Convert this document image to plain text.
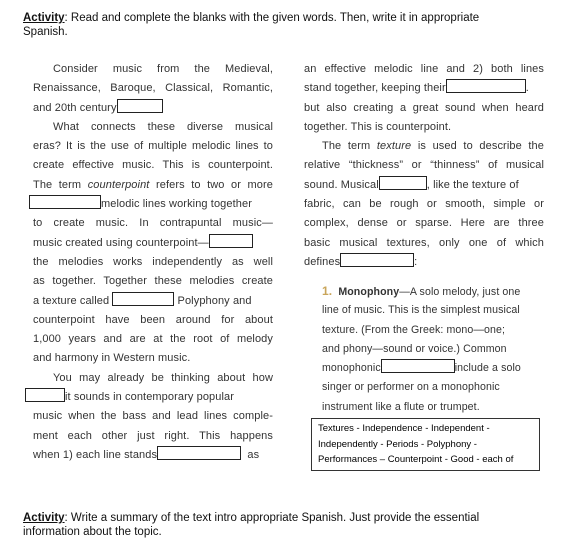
Activity: Read and complete the blanks with the given words. Then, write it in appropriate
Spanish.
Consider music from the Medieval,
Renaissance, Baroque, Classical, Romantic,
and 20th century
What connects these diverse musical
eras? It is the use of multiple melodic lines to
create effective music. This is counterpoint.
The term counterpoint refers to two or more
melodic lines working together
to create music. In contrapuntal music—
music created using counterpoint—
the melodies works independently as well
as together. Together these melodies create
a texture called	Polyphony and
counterpoint have been around for about
1,000 years and are at the root of melody
and harmony in Western music.
You may already be thinking about how
it sounds in contemporary popular
music when the bass and lead lines comple-
ment each other just right. This happens
when 1) each line stands	as
an effective melodic line and 2) both lines
stand together, keeping their	.
but also creating a great sound when heard
together. This is counterpoint.
The term texture is used to describe the
relative “thickness” or “thinness” of musical
sound. Musical	, like the texture of
fabric, can be rough or smooth, simple or
complex, dense or sparse. Here are three
basic musical textures, only one of which
defines	:
1. Monophony—A solo melody, just one
line of music. This is the simplest musical
texture. (From the Greek: mono—one;
and phony—sound or voice.) Common
monophonic	include a solo
singer or performer on a monophonic
instrument like a flute or trumpet.
Textures - Independence - Independent -
Independently - Periods - Polyphony -
Performances – Counterpoint - Good - each of
Activity: Write a summary of the text intro appropriate Spanish. Just provide the essential
information about the topic.
